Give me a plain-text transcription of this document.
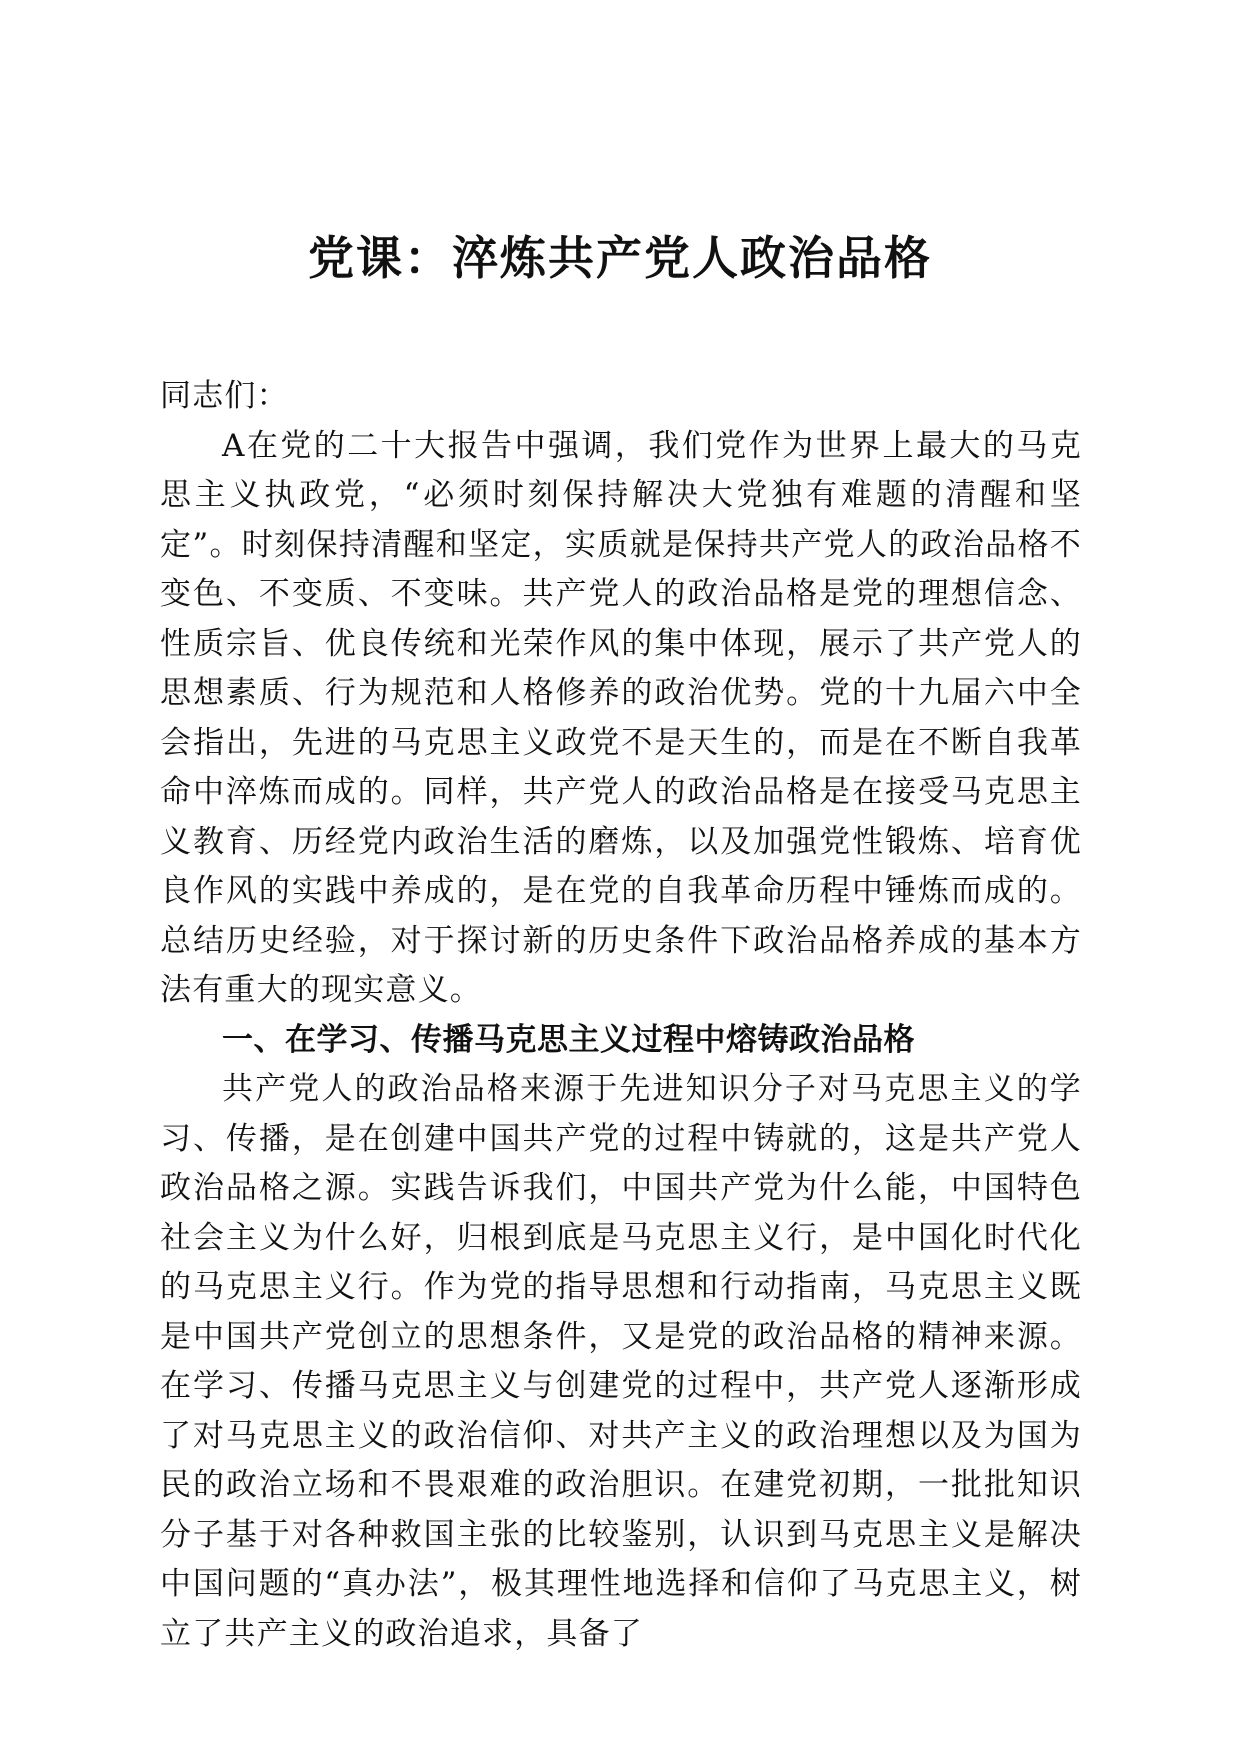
党课：淬炼共产党人政治品格

同志们：

A在党的二十大报告中强调，我们党作为世界上最大的马克思主义执政党，“必须时刻保持解决大党独有难题的清醒和坚定”。时刻保持清醒和坚定，实质就是保持共产党人的政治品格不变色、不变质、不变味。共产党人的政治品格是党的理想信念、性质宗旨、优良传统和光荣作风的集中体现，展示了共产党人的思想素质、行为规范和人格修养的政治优势。党的十九届六中全会指出，先进的马克思主义政党不是天生的，而是在不断自我革命中淬炼而成的。同样，共产党人的政治品格是在接受马克思主义教育、历经党内政治生活的磨炼，以及加强党性锻炼、培育优良作风的实践中养成的，是在党的自我革命历程中锤炼而成的。总结历史经验，对于探讨新的历史条件下政治品格养成的基本方法有重大的现实意义。

一、在学习、传播马克思主义过程中熔铸政治品格

共产党人的政治品格来源于先进知识分子对马克思主义的学习、传播，是在创建中国共产党的过程中铸就的，这是共产党人政治品格之源。实践告诉我们，中国共产党为什么能，中国特色社会主义为什么好，归根到底是马克思主义行，是中国化时代化的马克思主义行。作为党的指导思想和行动指南，马克思主义既是中国共产党创立的思想条件，又是党的政治品格的精神来源。在学习、传播马克思主义与创建党的过程中，共产党人逐渐形成了对马克思主义的政治信仰、对共产主义的政治理想以及为国为民的政治立场和不畏艰难的政治胆识。在建党初期，一批批知识分子基于对各种救国主张的比较鉴别，认识到马克思主义是解决中国问题的“真办法”，极其理性地选择和信仰了马克思主义，树立了共产主义的政治追求，具备了
